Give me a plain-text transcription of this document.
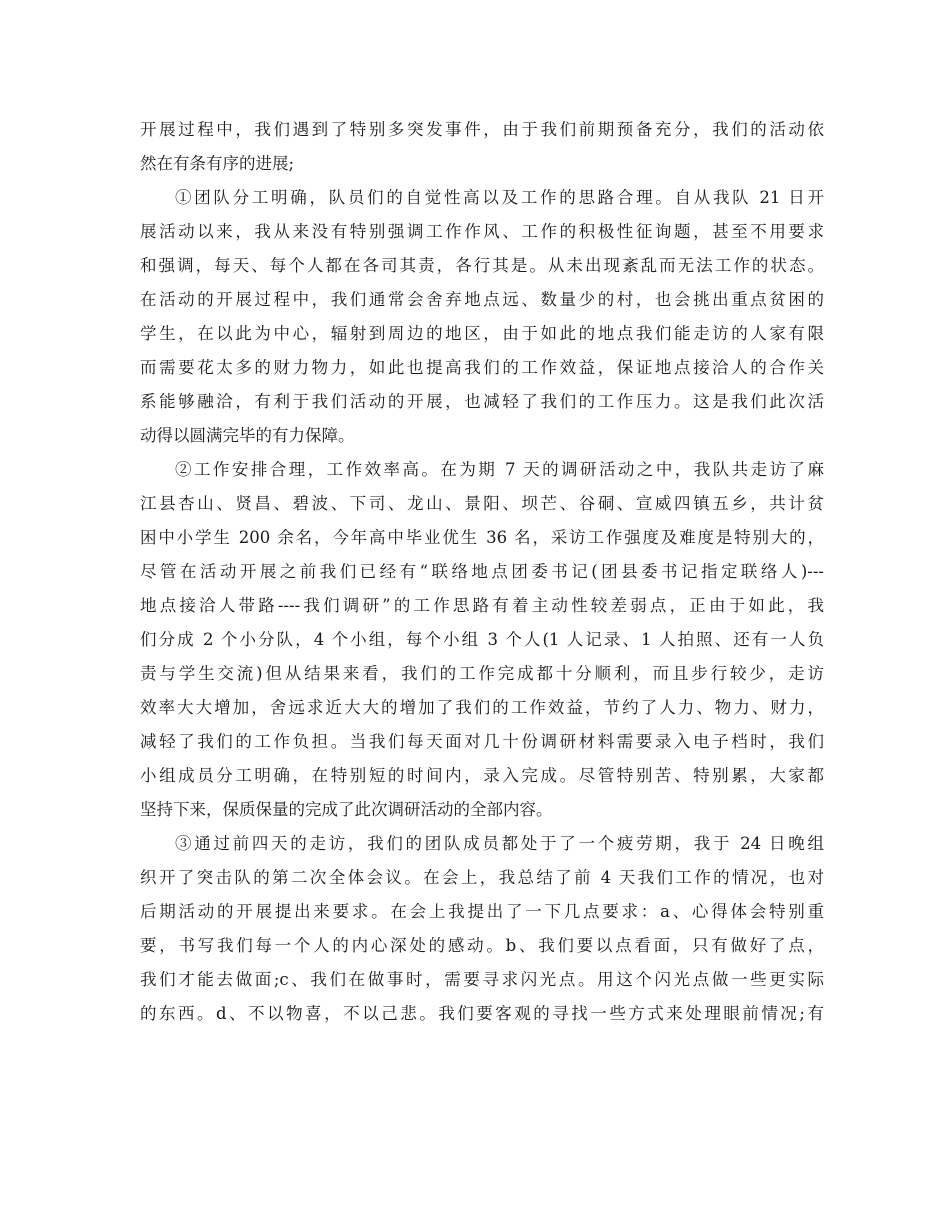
开展过程中，我们遇到了特别多突发事件，由于我们前期预备充分，我们的活动依
然在有条有序的进展;
①团队分工明确，队员们的自觉性高以及工作的思路合理。自从我队 21 日开
展活动以来，我从来没有特别强调工作作风、工作的积极性征询题，甚至不用要求
和强调，每天、每个人都在各司其责，各行其是。从未出现紊乱而无法工作的状态。
在活动的开展过程中，我们通常会舍弃地点远、数量少的村，也会挑出重点贫困的
学生，在以此为中心，辐射到周边的地区，由于如此的地点我们能走访的人家有限
而需要花太多的财力物力，如此也提高我们的工作效益，保证地点接洽人的合作关
系能够融洽，有利于我们活动的开展，也减轻了我们的工作压力。这是我们此次活
动得以圆满完毕的有力保障。
②工作安排合理，工作效率高。在为期 7 天的调研活动之中，我队共走访了麻
江县杏山、贤昌、碧波、下司、龙山、景阳、坝芒、谷硐、宣威四镇五乡，共计贫
困中小学生 200 余名，今年高中毕业优生 36 名，采访工作强度及难度是特别大的，
尽管在活动开展之前我们已经有“联络地点团委书记(团县委书记指定联络人)---
地点接洽人带路----我们调研”的工作思路有着主动性较差弱点，正由于如此，我
们分成 2 个小分队，4 个小组，每个小组 3 个人(1 人记录、1 人拍照、还有一人负
责与学生交流)但从结果来看，我们的工作完成都十分顺利，而且步行较少，走访
效率大大增加，舍远求近大大的增加了我们的工作效益，节约了人力、物力、财力，
减轻了我们的工作负担。当我们每天面对几十份调研材料需要录入电子档时，我们
小组成员分工明确，在特别短的时间内，录入完成。尽管特别苦、特别累，大家都
坚持下来，保质保量的完成了此次调研活动的全部内容。
③通过前四天的走访，我们的团队成员都处于了一个疲劳期，我于 24 日晚组
织开了突击队的第二次全体会议。在会上，我总结了前 4 天我们工作的情况，也对
后期活动的开展提出来要求。在会上我提出了一下几点要求：a、心得体会特别重
要，书写我们每一个人的内心深处的感动。b、我们要以点看面，只有做好了点，
我们才能去做面;c、我们在做事时，需要寻求闪光点。用这个闪光点做一些更实际
的东西。d、不以物喜，不以己悲。我们要客观的寻找一些方式来处理眼前情况;有
